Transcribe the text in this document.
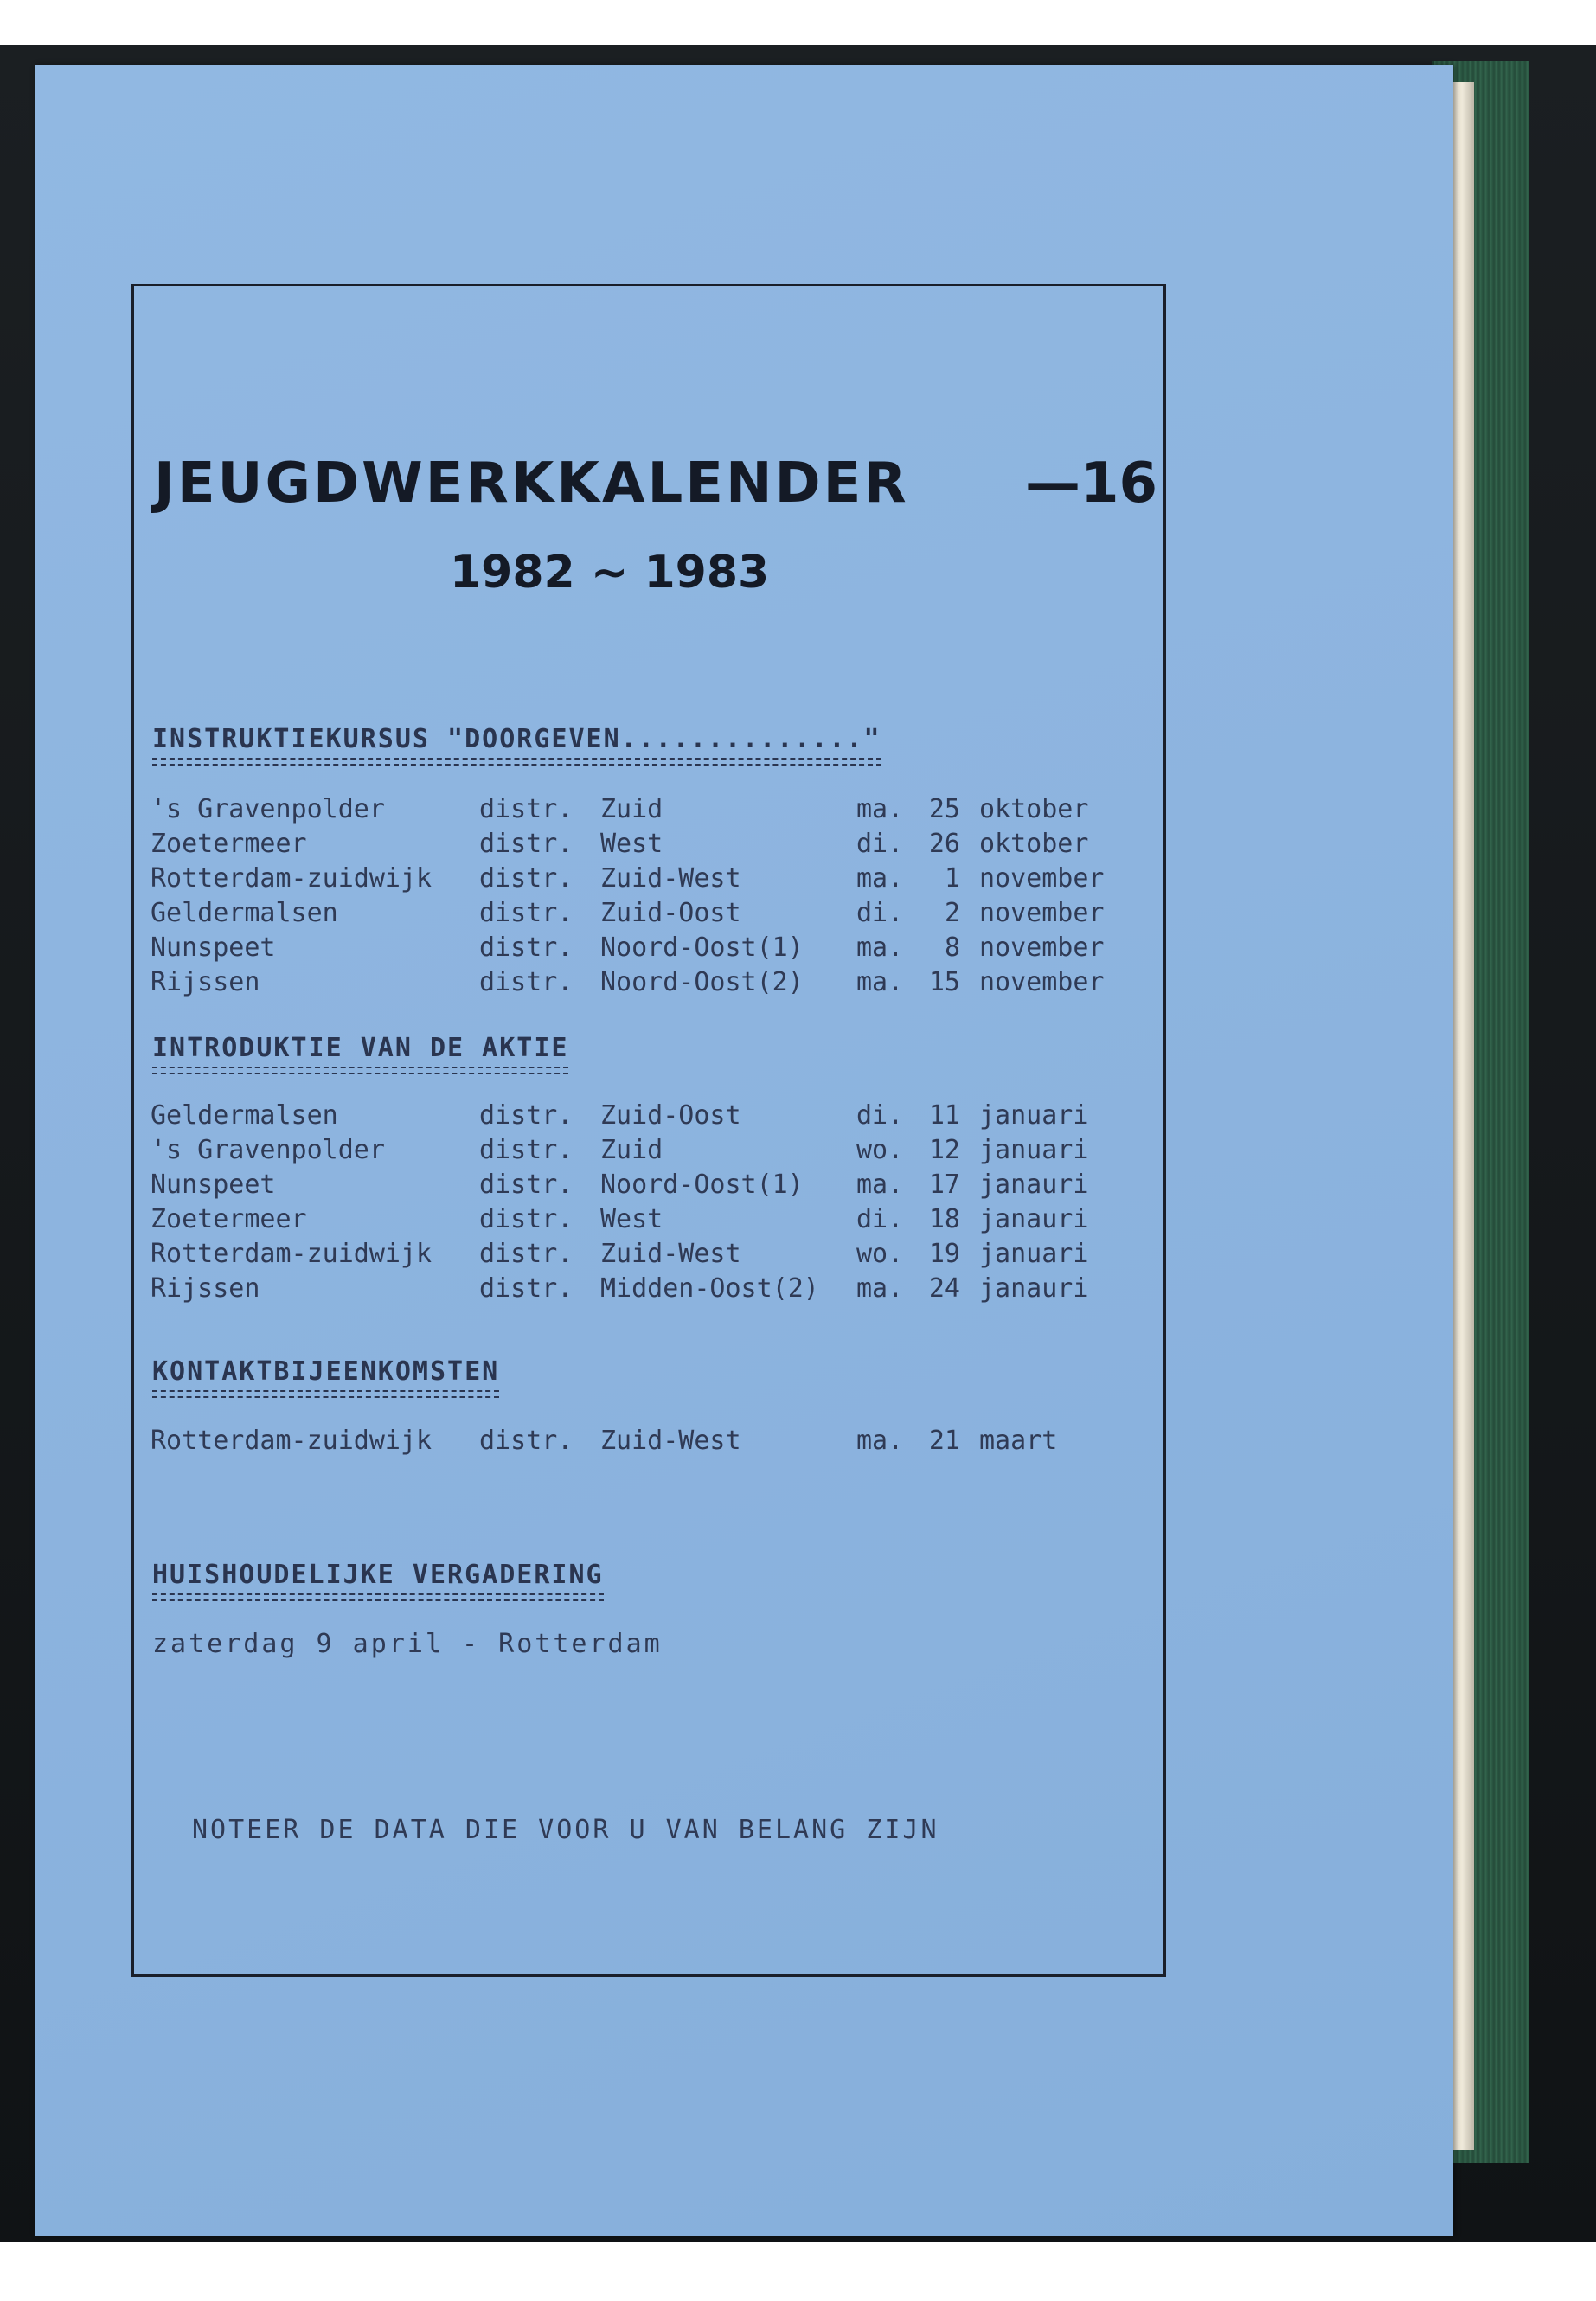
JEUGDWERKKALENDER —16
1982 ~ 1983
INSTRUKTIEKURSUS "DOORGEVEN.............."
's Gravenpolder	distr. Zuid	ma. 25 oktober
Zoetermeer	distr. West	di. 26 oktober
Rotterdam-zuidwijk distr. Zuid-West	ma.	1 november
Geldermalsen	distr. Zuid-Oost	di.	2 november
Nunspeet	distr. Noord-Oost(1) ma.	8 november
Rijssen	distr. Noord-Oost(2) ma. 15 november
INTRODUKTIE VAN DE AKTIE
Geldermalsen	distr. Zuid-Oost	di. 11 januari
's Gravenpolder	distr. Zuid	wo. 12 januari
Nunspeet	distr. Noord-Oost(1) ma. 17 janauri
Zoetermeer	distr. West	di. 18 janauri
Rotterdam-zuidwijk distr. Zuid-West	wo. 19 januari
Rijssen	distr. Midden-Oost(2) ma. 24 janauri
KONTAKTBIJEENKOMSTEN
Rotterdam-zuidwijk distr. Zuid-West	ma. 21 maart
HUISHOUDELIJKE VERGADERING

zaterdag 9 april - Rotterdam

NOTEER DE DATA DIE VOOR U VAN BELANG ZIJN
